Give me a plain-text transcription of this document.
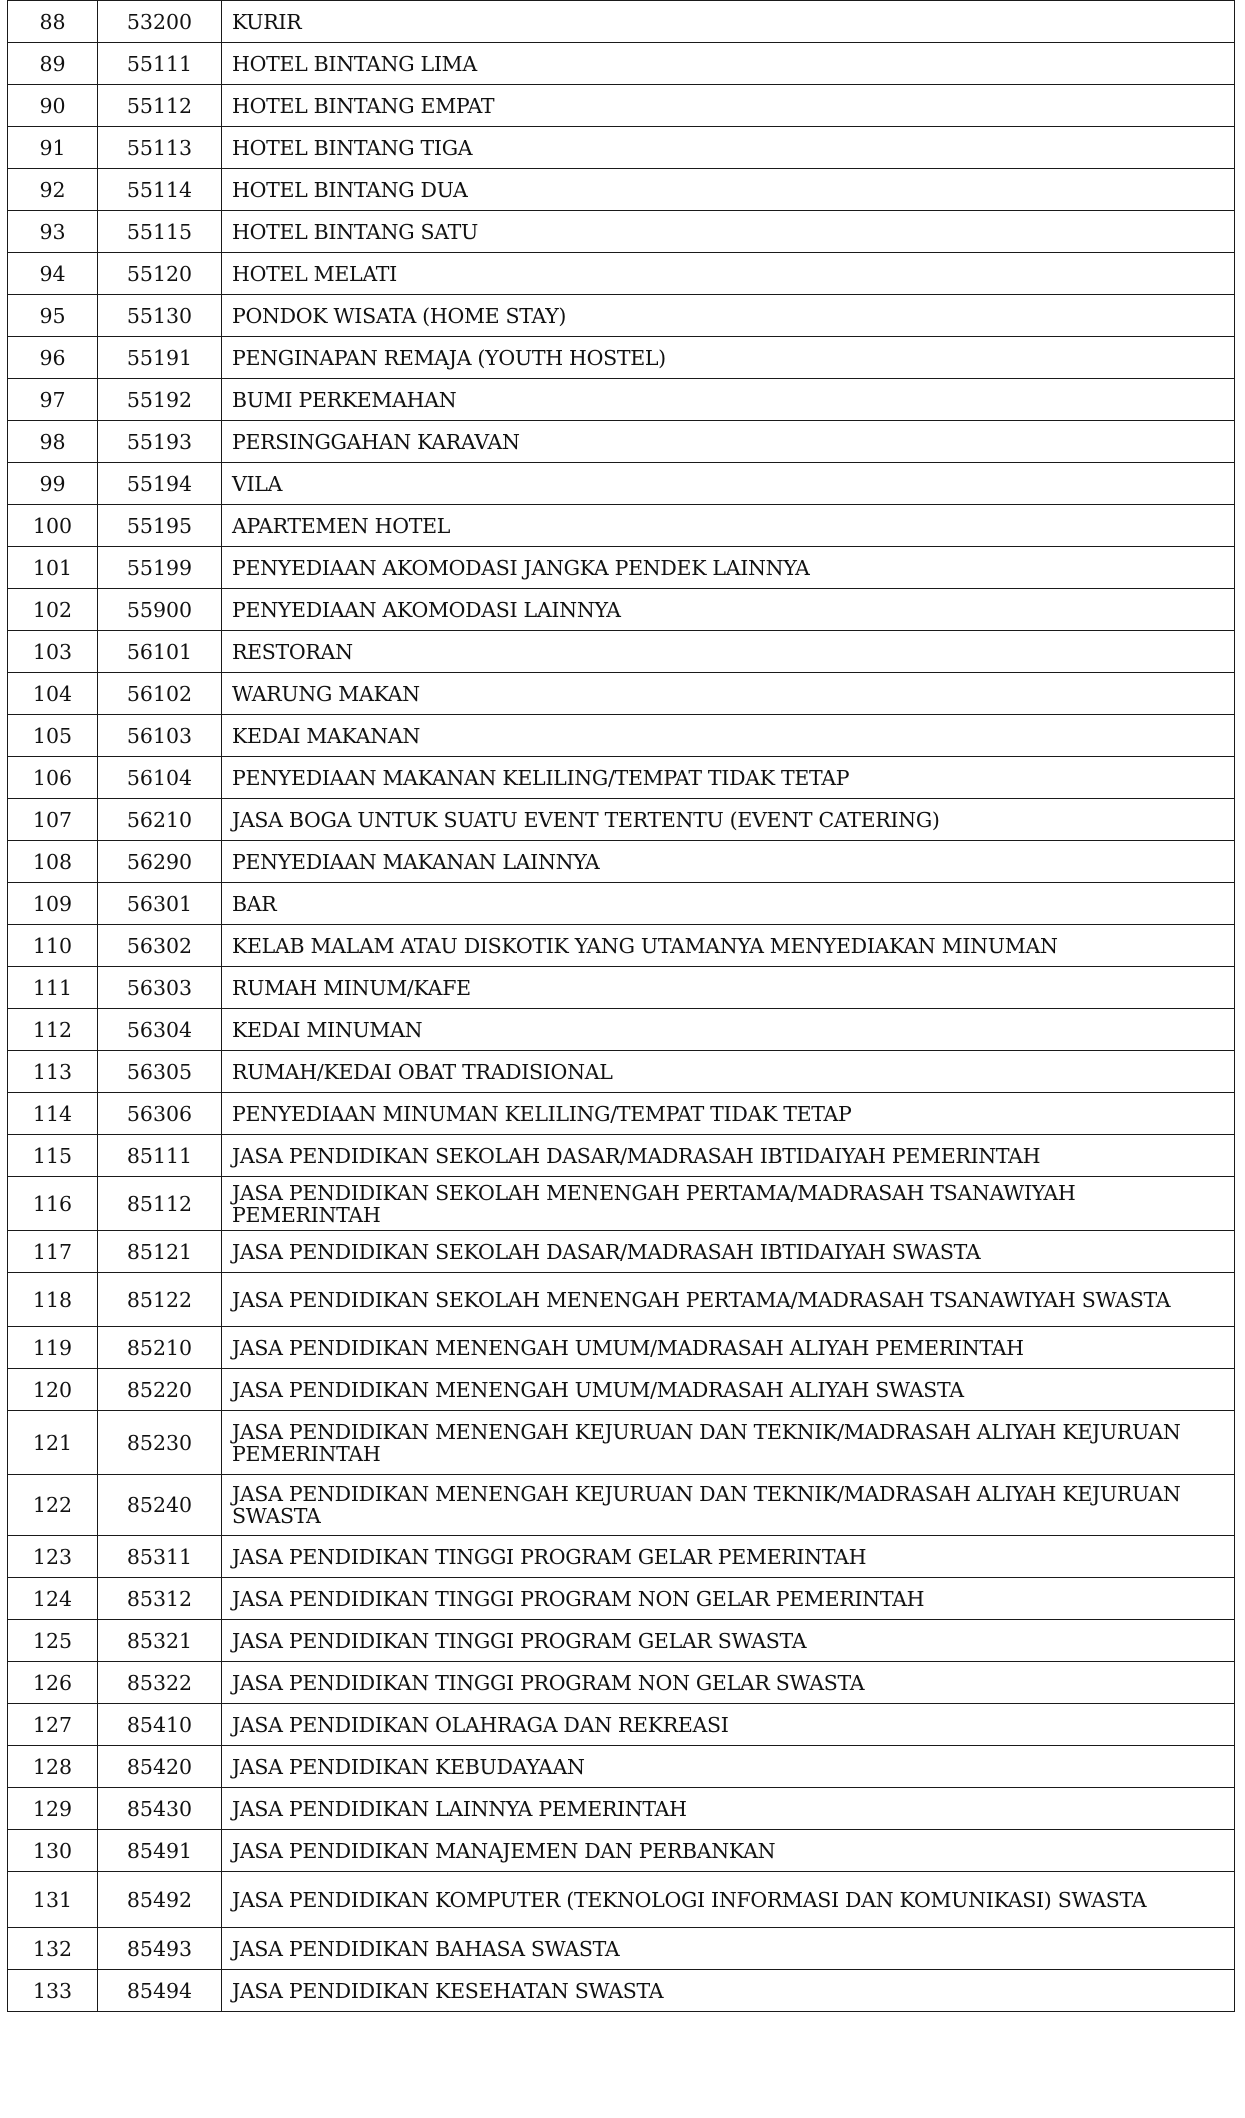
88	53200	KURIR
89	55111	HOTEL BINTANG LIMA
90	55112	HOTEL BINTANG EMPAT
91	55113	HOTEL BINTANG TIGA
92	55114	HOTEL BINTANG DUA
93	55115	HOTEL BINTANG SATU
94	55120	HOTEL MELATI
95	55130	PONDOK WISATA (HOME STAY)
96	55191	PENGINAPAN REMAJA (YOUTH HOSTEL)
97	55192	BUMI PERKEMAHAN
98	55193	PERSINGGAHAN KARAVAN
99	55194	VILA
100	55195	APARTEMEN HOTEL
101	55199	PENYEDIAAN AKOMODASI JANGKA PENDEK LAINNYA
102	55900	PENYEDIAAN AKOMODASI LAINNYA
103	56101	RESTORAN
104	56102	WARUNG MAKAN
105	56103	KEDAI MAKANAN
106	56104	PENYEDIAAN MAKANAN KELILING/TEMPAT TIDAK TETAP
107	56210	JASA BOGA UNTUK SUATU EVENT TERTENTU (EVENT CATERING)
108	56290	PENYEDIAAN MAKANAN LAINNYA
109	56301	BAR
110	56302	KELAB MALAM ATAU DISKOTIK YANG UTAMANYA MENYEDIAKAN MINUMAN
111	56303	RUMAH MINUM/KAFE
112	56304	KEDAI MINUMAN
113	56305	RUMAH/KEDAI OBAT TRADISIONAL
114	56306	PENYEDIAAN MINUMAN KELILING/TEMPAT TIDAK TETAP
115	85111	JASA PENDIDIKAN SEKOLAH DASAR/MADRASAH IBTIDAIYAH PEMERINTAH
116	85112	JASA PENDIDIKAN SEKOLAH MENENGAH PERTAMA/MADRASAH TSANAWIYAH PEMERINTAH
117	85121	JASA PENDIDIKAN SEKOLAH DASAR/MADRASAH IBTIDAIYAH SWASTA
118	85122	JASA PENDIDIKAN SEKOLAH MENENGAH PERTAMA/MADRASAH TSANAWIYAH SWASTA
119	85210	JASA PENDIDIKAN MENENGAH UMUM/MADRASAH ALIYAH PEMERINTAH
120	85220	JASA PENDIDIKAN MENENGAH UMUM/MADRASAH ALIYAH SWASTA
121	85230	JASA PENDIDIKAN MENENGAH KEJURUAN DAN TEKNIK/MADRASAH ALIYAH KEJURUAN PEMERINTAH
122	85240	JASA PENDIDIKAN MENENGAH KEJURUAN DAN TEKNIK/MADRASAH ALIYAH KEJURUAN SWASTA
123	85311	JASA PENDIDIKAN TINGGI PROGRAM GELAR PEMERINTAH
124	85312	JASA PENDIDIKAN TINGGI PROGRAM NON GELAR PEMERINTAH
125	85321	JASA PENDIDIKAN TINGGI PROGRAM GELAR SWASTA
126	85322	JASA PENDIDIKAN TINGGI PROGRAM NON GELAR SWASTA
127	85410	JASA PENDIDIKAN OLAHRAGA DAN REKREASI
128	85420	JASA PENDIDIKAN KEBUDAYAAN
129	85430	JASA PENDIDIKAN LAINNYA PEMERINTAH
130	85491	JASA PENDIDIKAN MANAJEMEN DAN PERBANKAN
131	85492	JASA PENDIDIKAN KOMPUTER (TEKNOLOGI INFORMASI DAN KOMUNIKASI) SWASTA
132	85493	JASA PENDIDIKAN BAHASA SWASTA
133	85494	JASA PENDIDIKAN KESEHATAN SWASTA
